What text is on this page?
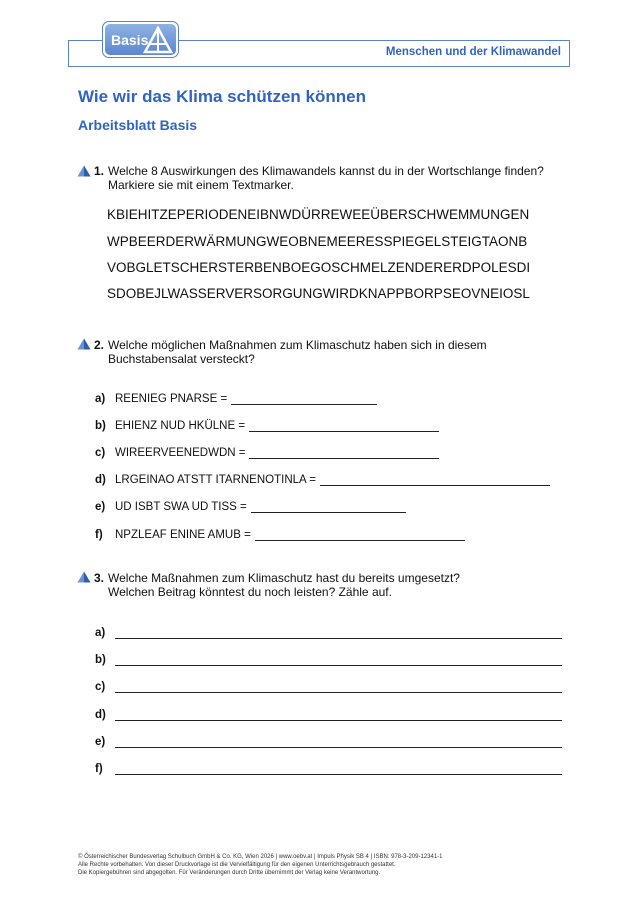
Menschen und der Klimawandel
Basis
Wie wir das Klima schützen können
Arbeitsblatt Basis
1. Welche 8 Auswirkungen des Klimawandels kannst du in der Wortschlange finden?
Markiere sie mit einem Textmarker.
KBIEHITZEPERIODENEIBNWDÜRREWEEÜBERSCHWEMMUNGEN
WPBEERDERWÄRMUNGWEOBNEMEERESSPIEGELSTEIGTAONB
VOBGLETSCHERSTERBENBOEGOSCHMELZENDERERDPOLESDI
SDOBEJLWASSERVERSORGUNGWIRDKNAPPBORPSEOVNEIOSL
2. Welche möglichen Maßnahmen zum Klimaschutz haben sich in diesem
Buchstabensalat versteckt?
a) REENIEG PNARSE =
b) EHIENZ NUD HKÜLNE =
c) WIREERVEENEDWDN =
d) LRGEINAO ATSTT ITARNENOTINLA =
e) UD ISBT SWA UD TISS =
f)	NPZLEAF ENINE AMUB =
3. Welche Maßnahmen zum Klimaschutz hast du bereits umgesetzt?
Welchen Beitrag könntest du noch leisten? Zähle auf.
a)
b)
c)
d)
e)
f)
© Österreichischer Bundesverlag Schulbuch GmbH & Co. KG, Wien 2026 | www.oebv.at | Impuls Physik SB 4 | ISBN: 978-3-209-12341-1
Alle Rechte vorbehalten. Von dieser Druckvorlage ist die Vervielfältigung für den eigenen Unterrichtsgebrauch gestattet.
Die Kopiergebühren sind abgegolten. Für Veränderungen durch Dritte übernimmt der Verlag keine Verantwortung.
